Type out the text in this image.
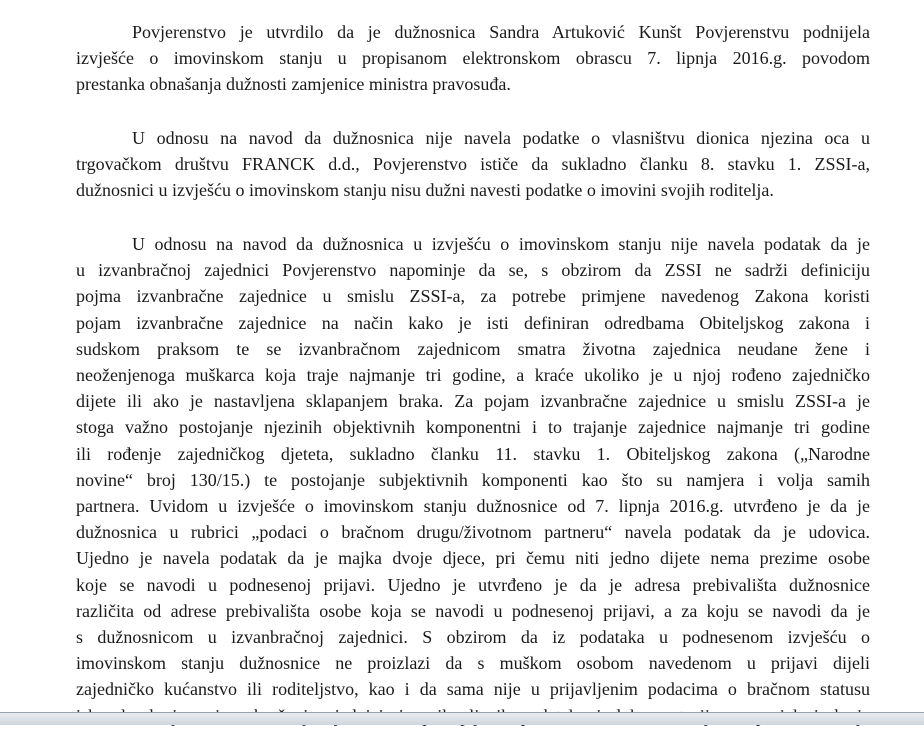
Povjerenstvo je utvrdilo da je dužnosnica Sandra Artuković Kunšt Povjerenstvu podnijela
izvješće o imovinskom stanju u propisanom elektronskom obrascu 7. lipnja 2016.g. povodom
prestanka obnašanja dužnosti zamjenice ministra pravosuđa.
U odnosu na navod da dužnosnica nije navela podatke o vlasništvu dionica njezina oca u
trgovačkom društvu FRANCK d.d., Povjerenstvo ističe da sukladno članku 8. stavku 1. ZSSI-a,
dužnosnici u izvješću o imovinskom stanju nisu dužni navesti podatke o imovini svojih roditelja.
U odnosu na navod da dužnosnica u izvješću o imovinskom stanju nije navela podatak da je
u izvanbračnoj zajednici Povjerenstvo napominje da se, s obzirom da ZSSI ne sadrži definiciju
pojma izvanbračne zajednice u smislu ZSSI-a, za potrebe primjene navedenog Zakona koristi
pojam izvanbračne zajednice na način kako je isti definiran odredbama Obiteljskog zakona i
sudskom praksom te se izvanbračnom zajednicom smatra životna zajednica neudane žene i
neoženjenoga muškarca koja traje najmanje tri godine, a kraće ukoliko je u njoj rođeno zajedničko
dijete ili ako je nastavljena sklapanjem braka. Za pojam izvanbračne zajednice u smislu ZSSI-a je
stoga važno postojanje njezinih objektivnih komponentni i to trajanje zajednice najmanje tri godine
ili rođenje zajedničkog djeteta, sukladno članku 11. stavku 1. Obiteljskog zakona („Narodne
novine“ broj 130/15.) te postojanje subjektivnih komponenti kao što su namjera i volja samih
partnera. Uvidom u izvješće o imovinskom stanju dužnosnice od 7. lipnja 2016.g. utvrđeno je da je
dužnosnica u rubrici „podaci o bračnom drugu/životnom partneru“ navela podatak da je udovica.
Ujedno je navela podatak da je majka dvoje djece, pri čemu niti jedno dijete nema prezime osobe
koje se navodi u podnesenoj prijavi. Ujedno je utvrđeno je da je adresa prebivališta dužnosnice
različita od adrese prebivališta osobe koja se navodi u podnesenoj prijavi, a za koju se navodi da je
s dužnosnicom u izvanbračnoj zajednici. S obzirom da iz podataka u podnesenom izvješću o
imovinskom stanju dužnosnice ne proizlazi da s muškom osobom navedenom u prijavi dijeli
zajedničko kućanstvo ili roditeljstvo, kao i da sama nije u prijavljenim podacima o bračnom statusu
